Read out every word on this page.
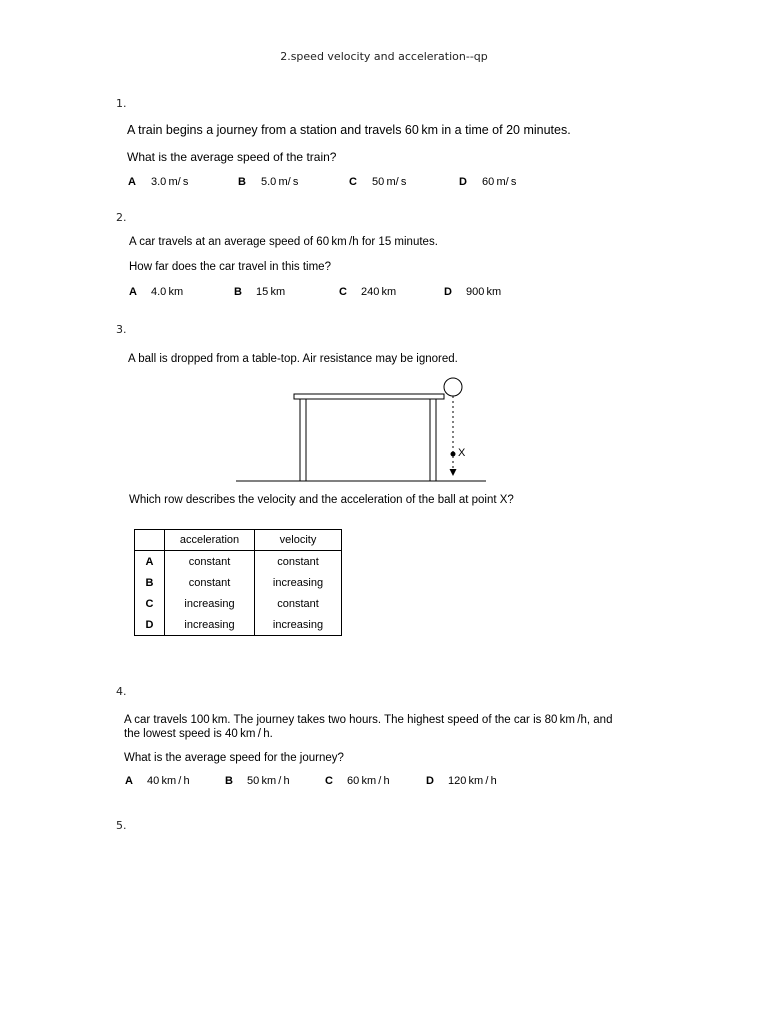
2.speed velocity and acceleration--qp
1.
A train begins a journey from a station and travels 60 km in a time of 20 minutes.
What is the average speed of the train?
A 3.0 m/ s	B 5.0 m/ s	C 50 m/ s	D 60 m/ s
2.
A car travels at an average speed of 60 km /h for 15 minutes.
How far does the car travel in this time?
A 4.0 km	B 15 km	C 240 km	D 900 km
3.
A ball is dropped from a table-top. Air resistance may be ignored.
X
Which row describes the velocity and the acceleration of the ball at point X?
	acceleration	velocity
A	constant	constant
B	constant	increasing
C	increasing	constant
D	increasing	increasing
4.
A car travels 100 km. The journey takes two hours. The highest speed of the car is 80 km /h, and
the lowest speed is 40 km / h.
What is the average speed for the journey?
A 40 km / h	B 50 km / h	C 60 km / h	D 120 km / h
5.
